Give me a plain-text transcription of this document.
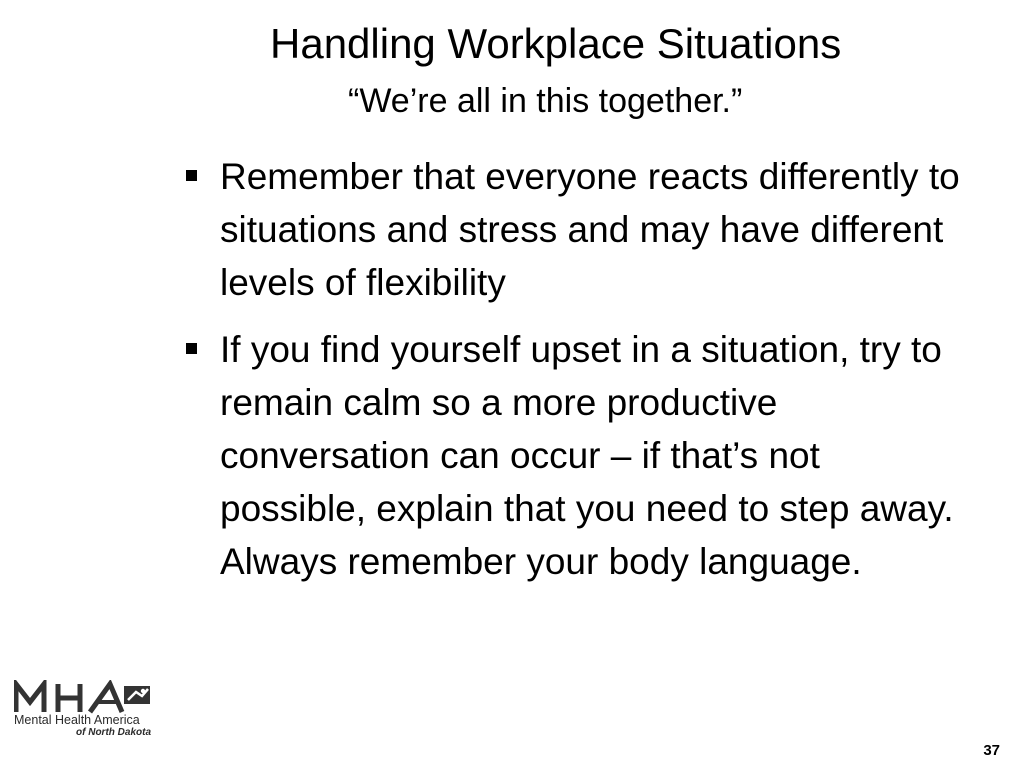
Handling Workplace Situations
“We’re all in this together.”
Remember that everyone reacts differently to situations and stress and may have different levels of flexibility
If you find yourself upset in a situation, try to remain calm so a more productive conversation can occur – if that’s not possible, explain that you need to step away. Always remember your body language.
Mental Health America
of North Dakota
37
